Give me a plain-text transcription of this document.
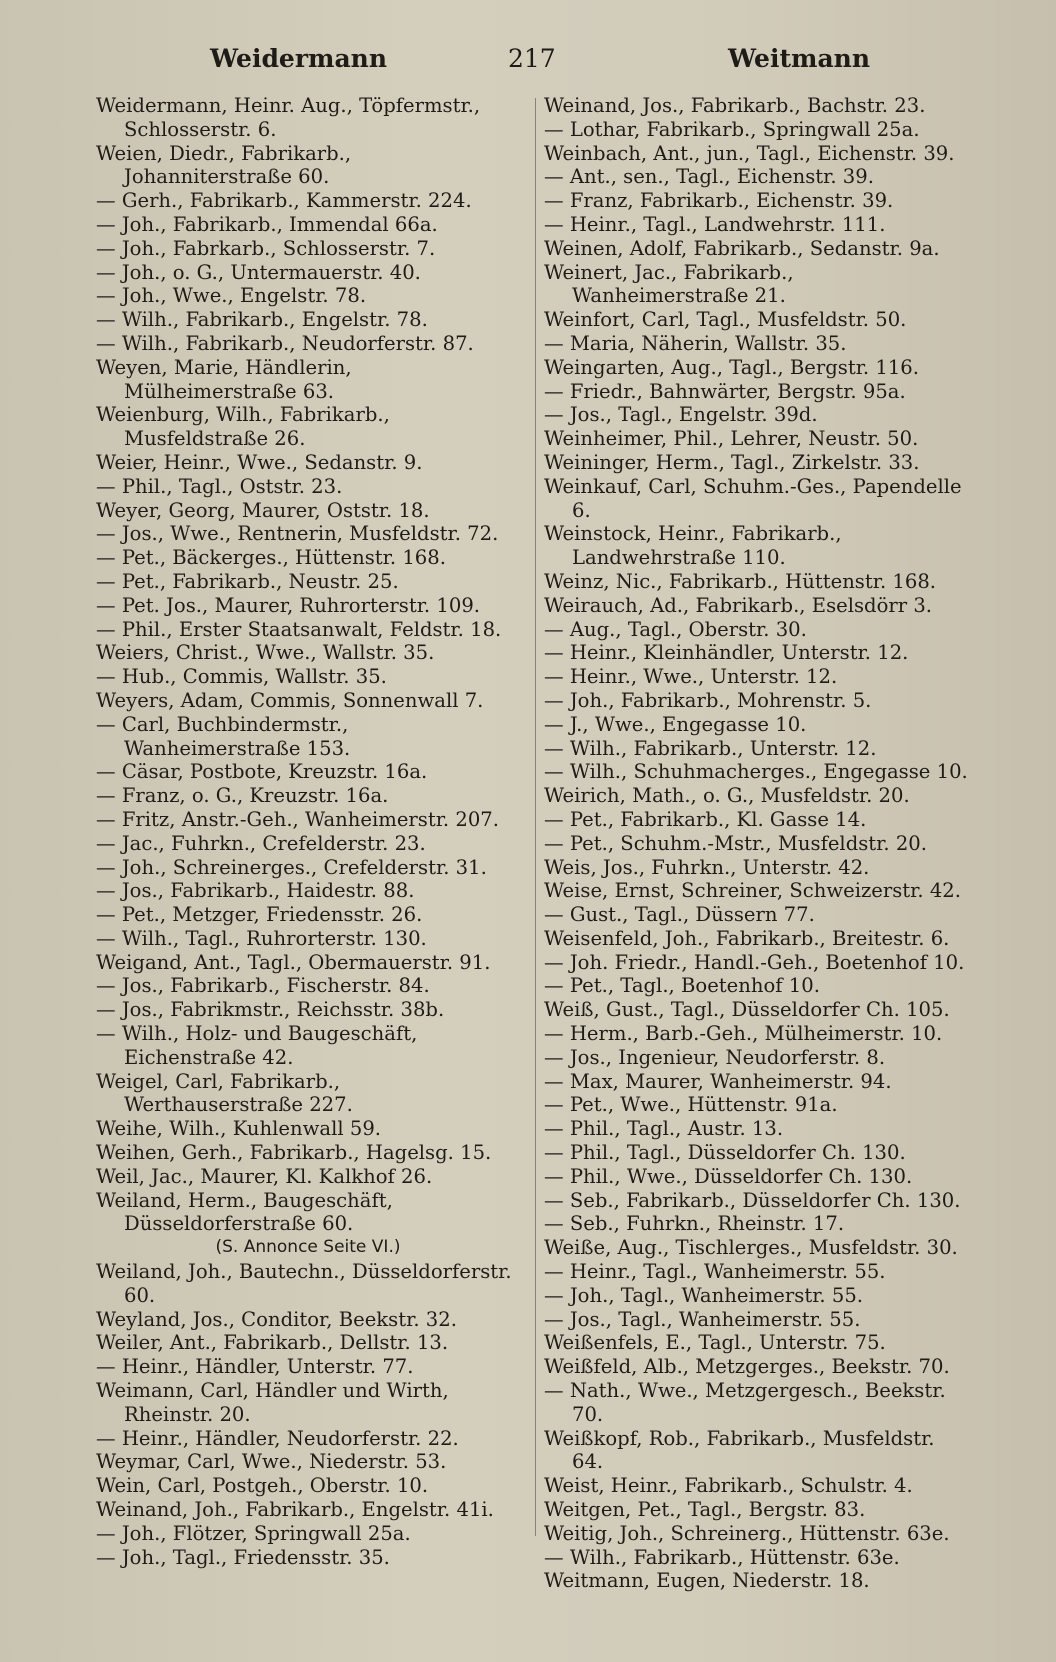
Weidermann	217	Weitmann
Weidermann, Heinr. Aug., Töpfermstr., Schlosserstr. 6.
Weien, Diedr., Fabrikarb., Johanniterstraße 60.
— Gerh., Fabrikarb., Kammerstr. 224.
— Joh., Fabrikarb., Immendal 66a.
— Joh., Fabrkarb., Schlosserstr. 7.
— Joh., o. G., Untermauerstr. 40.
— Joh., Wwe., Engelstr. 78.
— Wilh., Fabrikarb., Engelstr. 78.
— Wilh., Fabrikarb., Neudorferstr. 87.
Weyen, Marie, Händlerin, Mülheimerstraße 63.
Weienburg, Wilh., Fabrikarb., Musfeldstraße 26.
Weier, Heinr., Wwe., Sedanstr. 9.
— Phil., Tagl., Oststr. 23.
Weyer, Georg, Maurer, Oststr. 18.
— Jos., Wwe., Rentnerin, Musfeldstr. 72.
— Pet., Bäckerges., Hüttenstr. 168.
— Pet., Fabrikarb., Neustr. 25.
— Pet. Jos., Maurer, Ruhrorterstr. 109.
— Phil., Erster Staatsanwalt, Feldstr. 18.
Weiers, Christ., Wwe., Wallstr. 35.
— Hub., Commis, Wallstr. 35.
Weyers, Adam, Commis, Sonnenwall 7.
— Carl, Buchbindermstr., Wanheimerstraße 153.
— Cäsar, Postbote, Kreuzstr. 16a.
— Franz, o. G., Kreuzstr. 16a.
— Fritz, Anstr.-Geh., Wanheimerstr. 207.
— Jac., Fuhrkn., Crefelderstr. 23.
— Joh., Schreinerges., Crefelderstr. 31.
— Jos., Fabrikarb., Haidestr. 88.
— Pet., Metzger, Friedensstr. 26.
— Wilh., Tagl., Ruhrorterstr. 130.
Weigand, Ant., Tagl., Obermauerstr. 91.
— Jos., Fabrikarb., Fischerstr. 84.
— Jos., Fabrikmstr., Reichsstr. 38b.
— Wilh., Holz- und Baugeschäft, Eichenstraße 42.
Weigel, Carl, Fabrikarb., Werthauserstraße 227.
Weihe, Wilh., Kuhlenwall 59.
Weihen, Gerh., Fabrikarb., Hagelsg. 15.
Weil, Jac., Maurer, Kl. Kalkhof 26.
Weiland, Herm., Baugeschäft, Düsseldorferstraße 60.
(S. Annonce Seite VI.)
Weiland, Joh., Bautechn., Düsseldorferstr. 60.
Weyland, Jos., Conditor, Beekstr. 32.
Weiler, Ant., Fabrikarb., Dellstr. 13.
— Heinr., Händler, Unterstr. 77.
Weimann, Carl, Händler und Wirth, Rheinstr. 20.
— Heinr., Händler, Neudorferstr. 22.
Weymar, Carl, Wwe., Niederstr. 53.
Wein, Carl, Postgeh., Oberstr. 10.
Weinand, Joh., Fabrikarb., Engelstr. 41i.
— Joh., Flötzer, Springwall 25a.
— Joh., Tagl., Friedensstr. 35.
Weinand, Jos., Fabrikarb., Bachstr. 23.
— Lothar, Fabrikarb., Springwall 25a.
Weinbach, Ant., jun., Tagl., Eichenstr. 39.
— Ant., sen., Tagl., Eichenstr. 39.
— Franz, Fabrikarb., Eichenstr. 39.
— Heinr., Tagl., Landwehrstr. 111.
Weinen, Adolf, Fabrikarb., Sedanstr. 9a.
Weinert, Jac., Fabrikarb., Wanheimerstraße 21.
Weinfort, Carl, Tagl., Musfeldstr. 50.
— Maria, Näherin, Wallstr. 35.
Weingarten, Aug., Tagl., Bergstr. 116.
— Friedr., Bahnwärter, Bergstr. 95a.
— Jos., Tagl., Engelstr. 39d.
Weinheimer, Phil., Lehrer, Neustr. 50.
Weininger, Herm., Tagl., Zirkelstr. 33.
Weinkauf, Carl, Schuhm.-Ges., Papendelle 6.
Weinstock, Heinr., Fabrikarb., Landwehrstraße 110.
Weinz, Nic., Fabrikarb., Hüttenstr. 168.
Weirauch, Ad., Fabrikarb., Eselsdörr 3.
— Aug., Tagl., Oberstr. 30.
— Heinr., Kleinhändler, Unterstr. 12.
— Heinr., Wwe., Unterstr. 12.
— Joh., Fabrikarb., Mohrenstr. 5.
— J., Wwe., Engegasse 10.
— Wilh., Fabrikarb., Unterstr. 12.
— Wilh., Schuhmacherges., Engegasse 10.
Weirich, Math., o. G., Musfeldstr. 20.
— Pet., Fabrikarb., Kl. Gasse 14.
— Pet., Schuhm.-Mstr., Musfeldstr. 20.
Weis, Jos., Fuhrkn., Unterstr. 42.
Weise, Ernst, Schreiner, Schweizerstr. 42.
— Gust., Tagl., Düssern 77.
Weisenfeld, Joh., Fabrikarb., Breitestr. 6.
— Joh. Friedr., Handl.-Geh., Boetenhof 10.
— Pet., Tagl., Boetenhof 10.
Weiß, Gust., Tagl., Düsseldorfer Ch. 105.
— Herm., Barb.-Geh., Mülheimerstr. 10.
— Jos., Ingenieur, Neudorferstr. 8.
— Max, Maurer, Wanheimerstr. 94.
— Pet., Wwe., Hüttenstr. 91a.
— Phil., Tagl., Austr. 13.
— Phil., Tagl., Düsseldorfer Ch. 130.
— Phil., Wwe., Düsseldorfer Ch. 130.
— Seb., Fabrikarb., Düsseldorfer Ch. 130.
— Seb., Fuhrkn., Rheinstr. 17.
Weiße, Aug., Tischlerges., Musfeldstr. 30.
— Heinr., Tagl., Wanheimerstr. 55.
— Joh., Tagl., Wanheimerstr. 55.
— Jos., Tagl., Wanheimerstr. 55.
Weißenfels, E., Tagl., Unterstr. 75.
Weißfeld, Alb., Metzgerges., Beekstr. 70.
— Nath., Wwe., Metzgergesch., Beekstr. 70.
Weißkopf, Rob., Fabrikarb., Musfeldstr. 64.
Weist, Heinr., Fabrikarb., Schulstr. 4.
Weitgen, Pet., Tagl., Bergstr. 83.
Weitig, Joh., Schreinerg., Hüttenstr. 63e.
— Wilh., Fabrikarb., Hüttenstr. 63e.
Weitmann, Eugen, Niederstr. 18.
